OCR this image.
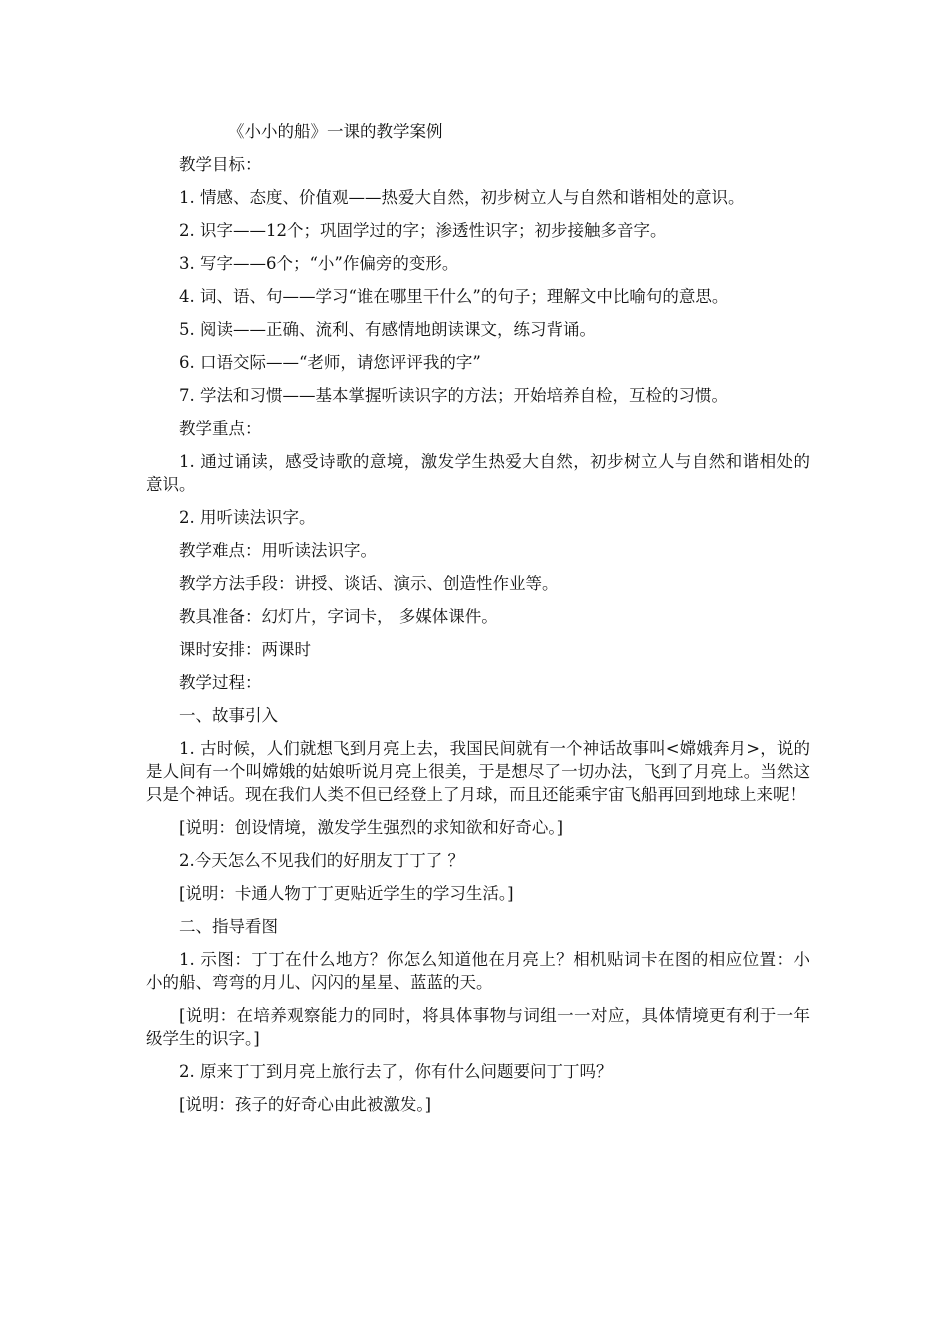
《小小的船》一课的教学案例

教学目标：

1. 情感、态度、价值观——热爱大自然，初步树立人与自然和谐相处的意识。

2. 识字——12个；巩固学过的字；渗透性识字；初步接触多音字。

3. 写字——6个；“小”作偏旁的变形。

4. 词、语、句——学习“谁在哪里干什么”的句子；理解文中比喻句的意思。

5. 阅读——正确、流利、有感情地朗读课文，练习背诵。

6. 口语交际——“老师，请您评评我的字”

7. 学法和习惯——基本掌握听读识字的方法；开始培养自检，互检的习惯。

教学重点：

1. 通过诵读，感受诗歌的意境，激发学生热爱大自然，初步树立人与自然和谐相处的意识。

2. 用听读法识字。

教学难点：用听读法识字。

教学方法手段：讲授、谈话、演示、创造性作业等。

教具准备：幻灯片，字词卡， 多媒体课件。

课时安排：两课时

教学过程：

一、故事引入

1. 古时候，人们就想飞到月亮上去，我国民间就有一个神话故事叫<嫦娥奔月>，说的是人间有一个叫嫦娥的姑娘听说月亮上很美，于是想尽了一切办法，飞到了月亮上。当然这只是个神话。现在我们人类不但已经登上了月球，而且还能乘宇宙飞船再回到地球上来呢！

[说明：创设情境，激发学生强烈的求知欲和好奇心。]

2.今天怎么不见我们的好朋友丁丁了 ？

[说明：卡通人物丁丁更贴近学生的学习生活。]

二、指导看图

1. 示图：丁丁在什么地方？你怎么知道他在月亮上？相机贴词卡在图的相应位置：小小的船、弯弯的月儿、闪闪的星星、蓝蓝的天。

[说明：在培养观察能力的同时，将具体事物与词组一一对应，具体情境更有利于一年级学生的识字。]

2. 原来丁丁到月亮上旅行去了，你有什么问题要问丁丁吗？

[说明：孩子的好奇心由此被激发。]
